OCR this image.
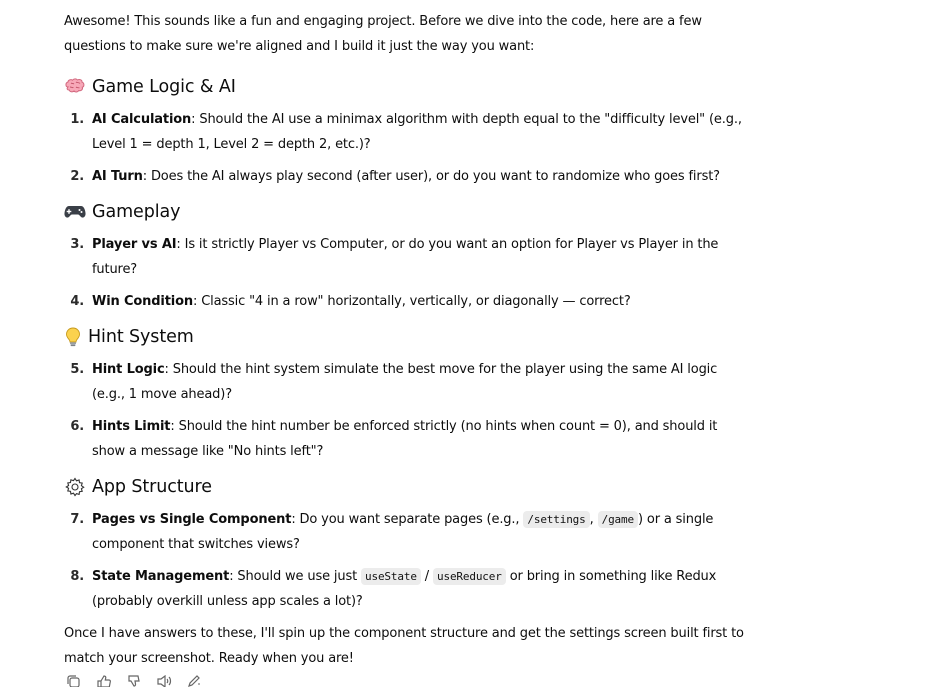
Awesome! This sounds like a fun and engaging project. Before we dive into the code, here are a few questions to make sure we're aligned and I build it just the way you want:

Game Logic & AI
1. AI Calculation: Should the AI use a minimax algorithm with depth equal to the "difficulty level" (e.g., Level 1 = depth 1, Level 2 = depth 2, etc.)?
2. AI Turn: Does the AI always play second (after user), or do you want to randomize who goes first?
Gameplay
3. Player vs AI: Is it strictly Player vs Computer, or do you want an option for Player vs Player in the future?
4. Win Condition: Classic "4 in a row" horizontally, vertically, or diagonally — correct?
Hint System
5. Hint Logic: Should the hint system simulate the best move for the player using the same AI logic (e.g., 1 move ahead)?
6. Hints Limit: Should the hint number be enforced strictly (no hints when count = 0), and should it show a message like "No hints left"?
App Structure
7. Pages vs Single Component: Do you want separate pages (e.g., /settings , /game ) or a single component that switches views?
8. State Management: Should we use just useState / useReducer or bring in something like Redux (probably overkill unless app scales a lot)?

Once I have answers to these, I'll spin up the component structure and get the settings screen built first to match your screenshot. Ready when you are!
